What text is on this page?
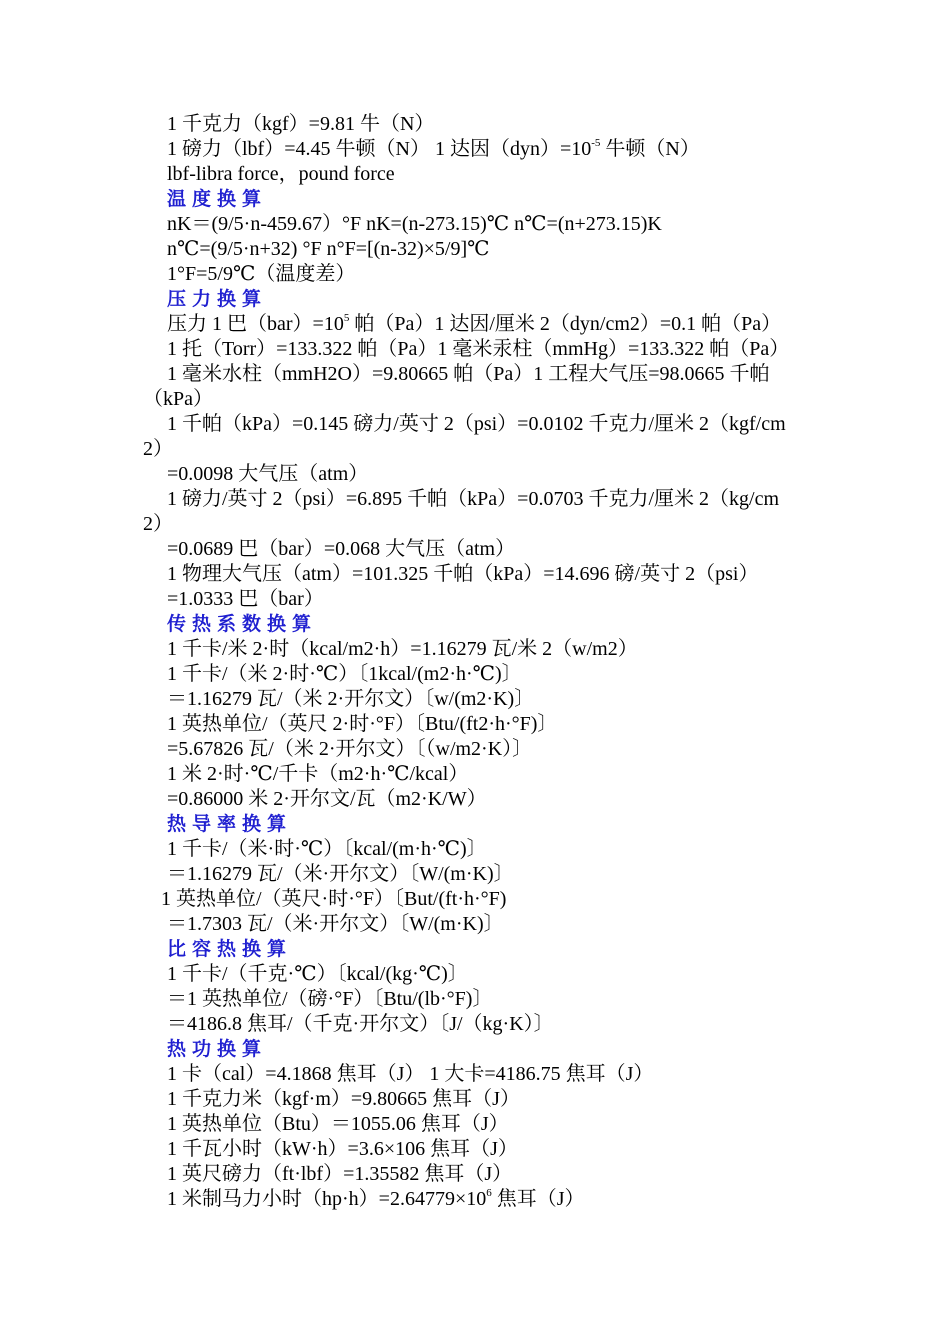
1 千克力（kgf）=9.81 牛（N）
1 磅力（lbf）=4.45 牛顿（N） 1 达因$(dyn)=10^{-5}$ 牛顿（N）
lbf-libra force，pound force
温度换算
nK＝(9/5·n-459.67）°F nK=(n-273.15)℃ n℃=(n+273.15)K
n℃=(9/5·n+32) °F n°F=[(n-32)×5/9]℃
1°F=5/9℃（温度差）
压力换算
压力 1 巴$(bar)=10^5$ 帕（Pa）1 达因/厘米 2（dyn/cm2）=0.1 帕（Pa）
1 托（Torr）=133.322 帕（Pa）1 毫米汞柱（mmHg）=133.322 帕（Pa）
1 毫米水柱（mmH2O）=9.80665 帕（Pa）1 工程大气压=98.0665 千帕
（kPa）
1 千帕（kPa）=0.145 磅力/英寸 2（psi）=0.0102 千克力/厘米 2（kgf/cm
2）
=0.0098 大气压（atm）
1 磅力/英寸 2（psi）=6.895 千帕（kPa）=0.0703 千克力/厘米 2（kg/cm
2）
=0.0689 巴（bar）=0.068 大气压（atm）
1 物理大气压（atm）=101.325 千帕（kPa）=14.696 磅/英寸 2（psi）
=1.0333 巴（bar）
传热系数换算
1 千卡/米 2·时（kcal/m2·h）=1.16279 瓦/米 2（w/m2）
1 千卡/（米 2·时·℃）〔1kcal/(m2·h·℃)〕
＝1.16279 瓦/（米 2·开尔文）〔w/(m2·K)〕
1 英热单位/（英尺 2·时·°F）〔Btu/(ft2·h·°F)〕
=5.67826 瓦/（米 2·开尔文）〔（w/m2·K）〕
1 米 2·时·℃/千卡（m2·h·℃/kcal）
=0.86000 米 2·开尔文/瓦（m2·K/W）
热导率换算
1 千卡/（米·时·℃）〔kcal/(m·h·℃)〕
＝1.16279 瓦/（米·开尔文）〔W/(m·K)〕
1 英热单位/（英尺·时·°F）〔But/(ft·h·°F)
＝1.7303 瓦/（米·开尔文）〔W/(m·K)〕
比容热换算
1 千卡/（千克·℃）〔kcal/(kg·℃)〕
＝1 英热单位/（磅·°F）〔Btu/(lb·°F)〕
＝4186.8 焦耳/（千克·开尔文）〔J/（kg·K）〕
热功换算
1 卡（cal）=4.1868 焦耳（J） 1 大卡=4186.75 焦耳（J）
1 千克力米（kgf·m）=9.80665 焦耳（J）
1 英热单位（Btu）＝1055.06 焦耳（J）
1 千瓦小时（kW·h）=3.6×106 焦耳（J）
1 英尺磅力（ft·lbf）=1.35582 焦耳（J）
1 米制马力小时$(hp\cdot h)=2.64779\times 10^6$ 焦耳（J）
